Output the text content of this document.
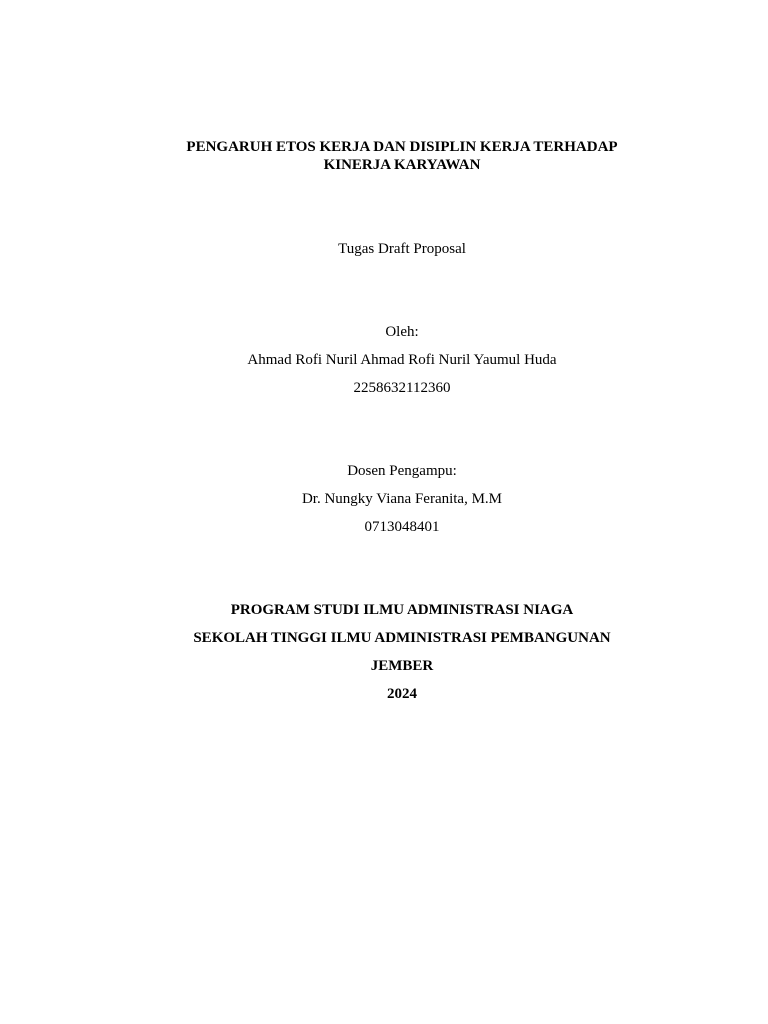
PENGARUH ETOS KERJA DAN DISIPLIN KERJA TERHADAP
KINERJA KARYAWAN
Tugas Draft Proposal
Oleh:
Ahmad Rofi Nuril Ahmad Rofi Nuril Yaumul Huda
2258632112360
Dosen Pengampu:
Dr. Nungky Viana Feranita, M.M
0713048401
PROGRAM STUDI ILMU ADMINISTRASI NIAGA
SEKOLAH TINGGI ILMU ADMINISTRASI PEMBANGUNAN
JEMBER
2024
